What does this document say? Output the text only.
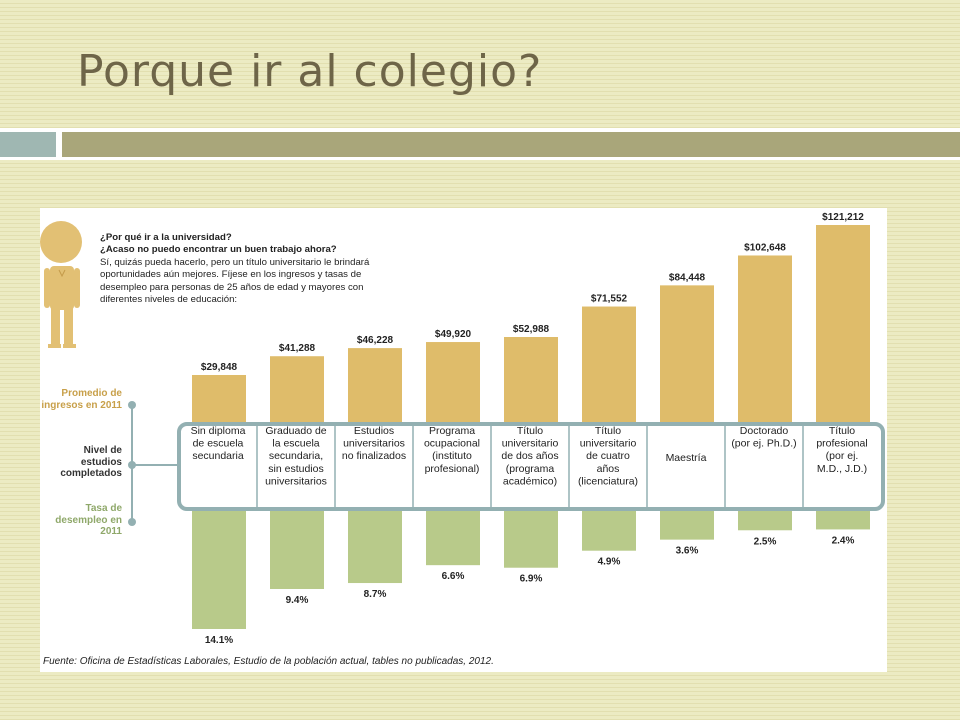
Porque ir al colegio?
$29,848
14.1%
$41,288
9.4%
$46,228
8.7%
$49,920
6.6%
$52,988
6.9%
$71,552
4.9%
$84,448
3.6%
$102,648
2.5%
$121,212
2.4%
Sin diploma de escuela secundaria
Graduado de la escuela secundaria, sin estudios universitarios
Estudios universitarios no finalizados
Programa ocupacional (instituto profesional)
Título universitario de dos años (programa académico)
Título universitario de cuatro años (licenciatura)
Maestría
Doctorado (por ej. Ph.D.)
Título profesional (por ej. M.D., J.D.)
¿Por qué ir a la universidad?
¿Acaso no puedo encontrar un buen trabajo ahora?
Sí, quizás pueda hacerlo, pero un título universitario le brindará oportunidades aún mejores. Fíjese en los ingresos y tasas de desempleo para personas de 25 años de edad y mayores con diferentes niveles de educación:
Promedio de ingresos en 2011
Nivel de estudios completados
Tasa de desempleo en 2011
Fuente: Oficina de Estadísticas Laborales, Estudio de la población actual, tables no publicadas, 2012.
